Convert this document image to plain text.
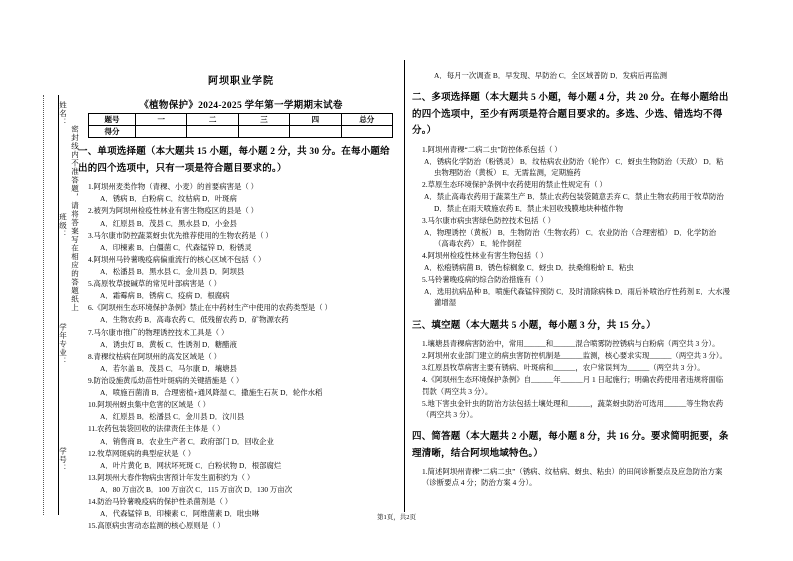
姓名：
班级：
学年专业：
学号：
密封线内不准答题，请将答案写在相应的答题纸上
阿坝职业学院
《植物保护》2024-2025 学年第一学期期末试卷
题号	一	二	三	四	总分
得分					
一、单项选择题（本大题共 15 小题，每小题 2 分，共 30 分。在每小题给出的四个选项中，只有一项是符合题目要求的。）
1.阿坝州麦类作物（青稞、小麦）的首要病害是（ ）
A．锈病 B．白粉病 C．纹枯病 D．叶斑病
2.被列为阿坝州检疫性林业有害生物疫区的县是（ ）
A．红原县 B．茂县 C．黑水县 D．小金县
3.马尔康市防控蔬菜蚜虫优先推荐使用的生物农药是（ ）
A．印楝素 B．白僵菌 C．代森锰锌 D．粉锈灵
4.阿坝州马铃薯晚疫病偏重流行的核心区域不包括（ ）
A．松潘县 B．黑水县 C．金川县 D．阿坝县
5.高原牧草披碱草的常见叶部病害是（ ）
A．霜霉病 B．锈病 C．疫病 D．根腐病
6.《阿坝州生态环境保护条例》禁止在中药材生产中使用的农药类型是（ ）
A．生物农药 B．高毒农药 C．低残留农药 D．矿物源农药
7.马尔康市推广的物理诱控技术工具是（ ）
A．诱虫灯 B．黄板 C．性诱剂 D．糖醋液
8.青稞纹枯病在阿坝州的高发区域是（ ）
A．若尔盖 B．茂县 C．马尔康 D．壤塘县
9.防治设施黄瓜幼苗性叶斑病的关键措施是（ ）
A．喷施百菌清 B．合理密植+通风降湿 C．撒施生石灰 D．轮作水稻
10.阿坝州蚜虫集中危害的区域是（ ）
A．红原县 B．松潘县 C．金川县 D．汶川县
11.农药包装袋回收的法律责任主体是（ ）
A．销售商 B．农业生产者 C．政府部门 D．回收企业
12.牧草网斑病的典型症状是（ ）
A．叶片黄化 B．网状坏死斑 C．白粉状物 D．根部腐烂
13.阿坝州大春作物病虫害预计年发生面积约为（ ）
A．80 万亩次 B．100 万亩次 C．115 万亩次 D．130 万亩次
14.防治马铃薯晚疫病的保护性杀菌剂是（ ）
A．代森锰锌 B．印楝素 C．阿维菌素 D．吡虫啉
15.高原病虫害动态监测的核心原则是（ ）
A．每月一次调查 B．早发现、早防治 C．全区域普防 D．发病后再监测
二、多项选择题（本大题共 5 小题，每小题 4 分，共 20 分。在每小题给出的四个选项中，至少有两项是符合题目要求的。多选、少选、错选均不得分。）
1.阿坝州青稞“二病二虫”防控体系包括（ ）
A．锈病化学防治（粉锈灵） B．纹枯病农业防治（轮作） C．蚜虫生物防治（天敌） D．粘虫物理防治（黄板） E．无需监测，定期施药
2.草原生态环境保护条例中农药使用的禁止性规定有（ ）
A．禁止高毒农药用于蔬菜生产 B．禁止农药包装袋随意丢弃 C．禁止生物农药用于牧草防治 D．禁止在雨天喷施农药 E．禁止未回收残膜地块种植作物
3.马尔康市病虫害绿色防控技术包括（ ）
A．物理诱控（黄板） B．生物防治（生物农药） C．农业防治（合理密植） D．化学防治（高毒农药） E．轮作倒茬
4.阿坝州检疫性林业有害生物包括（ ）
A．松疱锈病菌 B．锈色棕榈象 C．蚜虫 D．扶桑绵粉蚧 E．粘虫
5.马铃薯晚疫病的综合防治措施有（ ）
A．选用抗病品种 B．喷施代森锰锌预防 C．及时清除病株 D．雨后补喷治疗性药剂 E．大水漫灌增湿
三、填空题（本大题共 5 小题，每小题 3 分，共 15 分。）
1.壤塘县青稞病害防治中，常用______和______混合喷雾防控锈病与白粉病（两空共 3 分）。
2.阿坝州农业部门建立的病虫害防控机制是______监测，核心要求实现______（两空共 3 分）。
3.红原县牧草病害主要有锈病、叶斑病和______，农户常误判为______（两空共 3 分）。
4.《阿坝州生态环境保护条例》自______年______月 1 日起施行；明确农药使用者违规将面临罚款（两空共 3 分）。
5.地下害虫金针虫的防治方法包括土壤处理和______，蔬菜蚜虫防治可选用______等生物农药（两空共 3 分）。
四、简答题（本大题共 2 小题，每小题 8 分，共 16 分。要求简明扼要，条理清晰，结合阿坝地域特色。）
1.简述阿坝州青稞“二病二虫”（锈病、纹枯病、蚜虫、粘虫）的田间诊断要点及应急防治方案（诊断要点 4 分；防治方案 4 分）。
第1页，共2页
